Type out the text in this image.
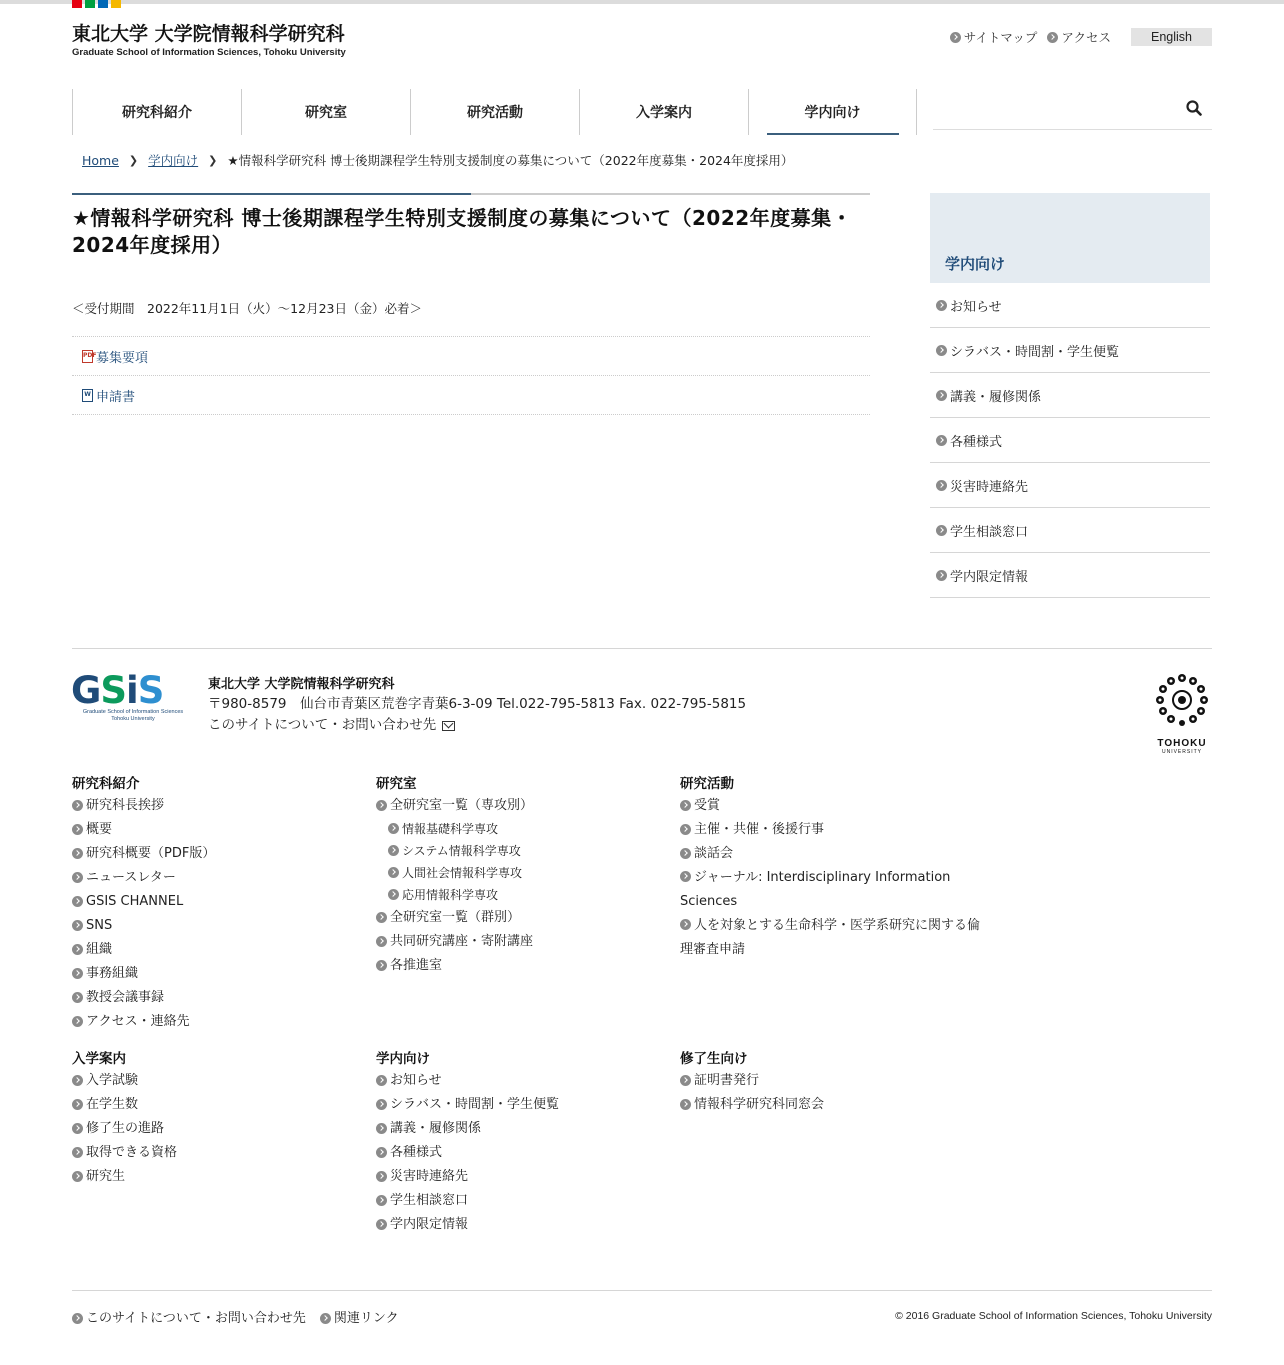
東北大学 大学院情報科学研究科
Graduate School of Information Sciences, Tohoku University
サイトマップ アクセス	English
研究科紹介	研究室	研究活動	入学案内	学内向け
Home ❯ 学内向け ❯ ★情報科学研究科 博士後期課程学生特別支援制度の募集について（2022年度募集・2024年度採用）
★情報科学研究科 博士後期課程学生特別支援制度の募集について（2022年度募集・2024年度採用）

＜受付期間　2022年11月1日（火）～12月23日（金）必着＞

PDF 募集要項
W 申請書
学内向け
お知らせ
シラバス・時間割・学生便覧
講義・履修関係
各種様式
災害時連絡先
学生相談窓口
学内限定情報
G S i S
Graduate School of Information Sciences
Tohoku University
東北大学 大学院情報科学研究科
〒980-8579　仙台市青葉区荒巻字青葉6-3-09 Tel.022-795-5813 Fax. 022-795-5815
このサイトについて・お問い合わせ先
TOHOKU
UNIVERSITY
研究科紹介
研究科長挨拶
概要
研究科概要（PDF版）
ニュースレター
GSIS CHANNEL
SNS
組織
事務組織
教授会議事録
アクセス・連絡先
研究室
全研究室一覧（専攻別）
情報基礎科学専攻
システム情報科学専攻
人間社会情報科学専攻
応用情報科学専攻
全研究室一覧（群別）
共同研究講座・寄附講座
各推進室
研究活動
受賞
主催・共催・後援行事
談話会
ジャーナル: Interdisciplinary Information Sciences
人を対象とする生命科学・医学系研究に関する倫理審査申請
入学案内
入学試験
在学生数
修了生の進路
取得できる資格
研究生
学内向け
お知らせ
シラバス・時間割・学生便覧
講義・履修関係
各種様式
災害時連絡先
学生相談窓口
学内限定情報
修了生向け
証明書発行
情報科学研究科同窓会
このサイトについて・お問い合わせ先 関連リンク	© 2016 Graduate School of Information Sciences, Tohoku University
